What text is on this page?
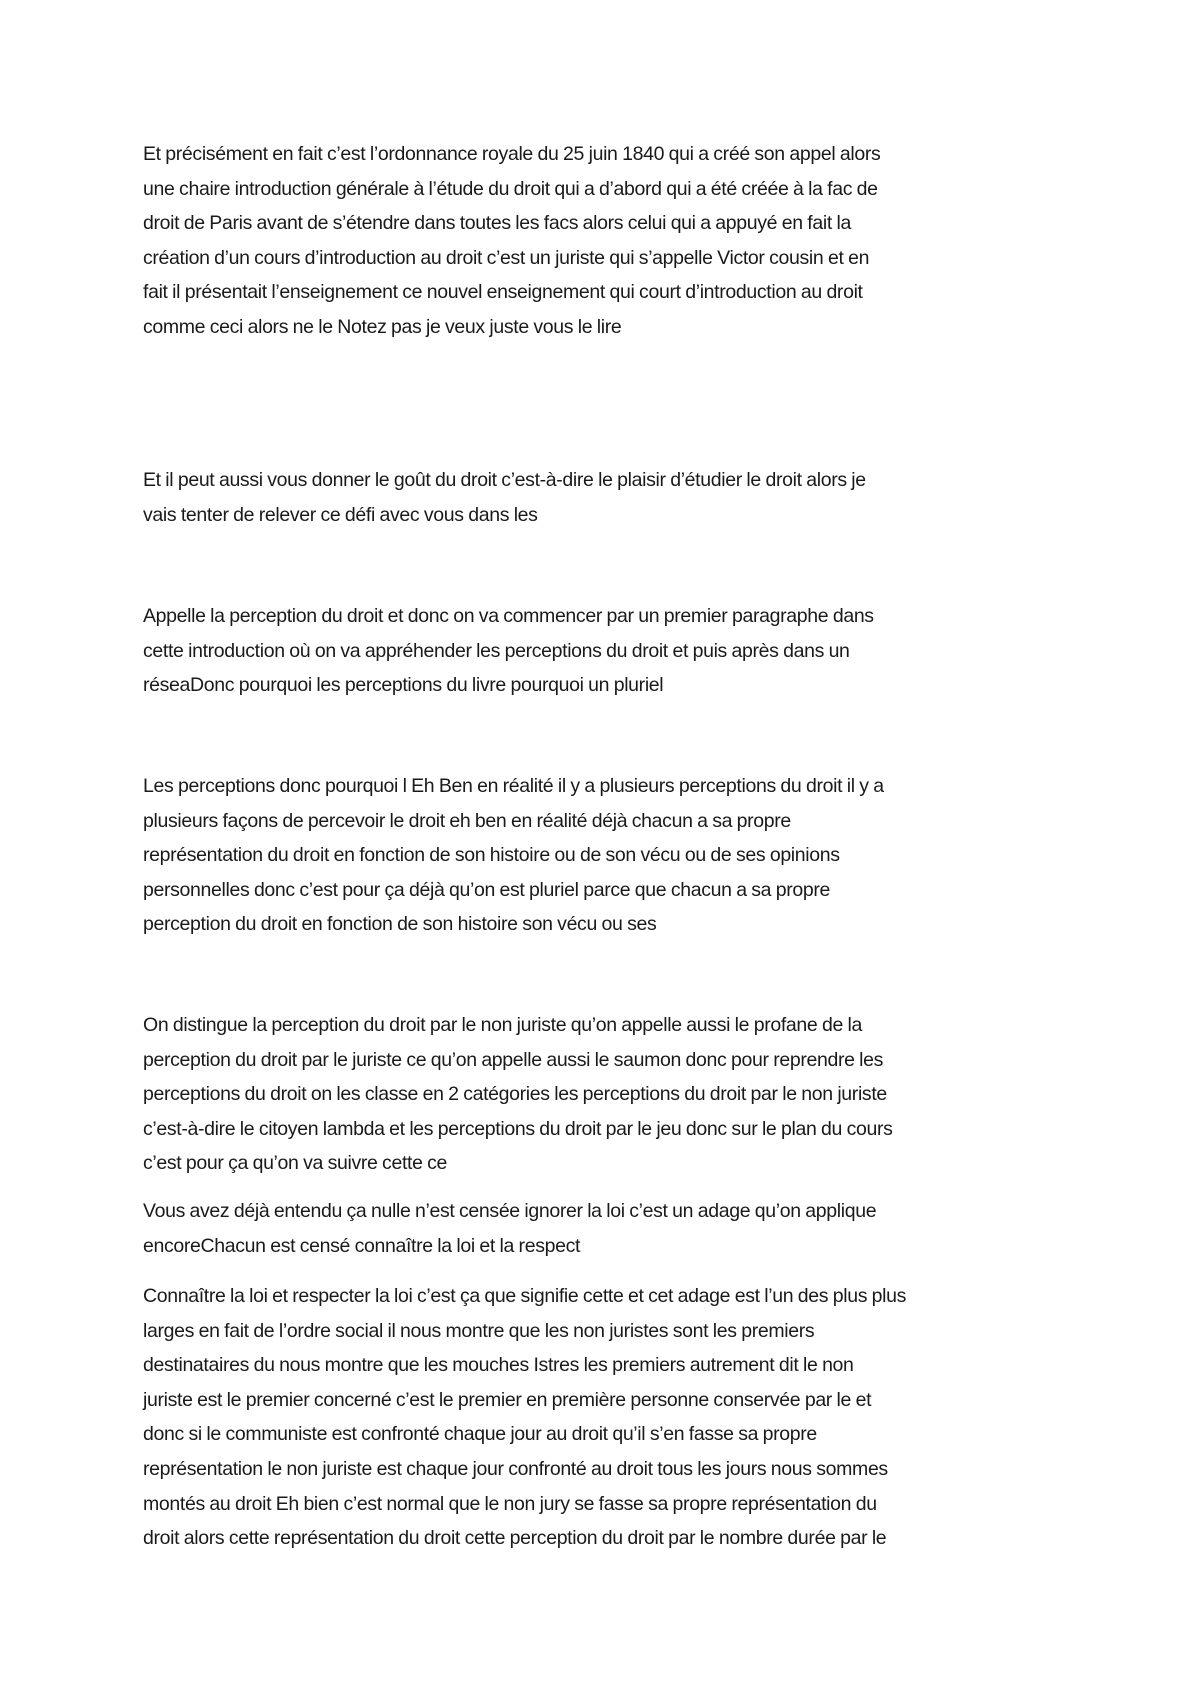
Et précisément en fait c’est l’ordonnance royale du 25 juin 1840 qui a créé son appel alors
une chaire introduction générale à l’étude du droit qui a d’abord qui a été créée à la fac de
droit de Paris avant de s’étendre dans toutes les facs alors celui qui a appuyé en fait la
création d’un cours d’introduction au droit c’est un juriste qui s’appelle Victor cousin et en
fait il présentait l’enseignement ce nouvel enseignement qui court d’introduction au droit
comme ceci alors ne le Notez pas je veux juste vous le lire

Et il peut aussi vous donner le goût du droit c’est-à-dire le plaisir d’étudier le droit alors je
vais tenter de relever ce défi avec vous dans les

Appelle la perception du droit et donc on va commencer par un premier paragraphe dans
cette introduction où on va appréhender les perceptions du droit et puis après dans un
réseaDonc pourquoi les perceptions du livre pourquoi un pluriel

Les perceptions donc pourquoi l Eh Ben en réalité il y a plusieurs perceptions du droit il y a
plusieurs façons de percevoir le droit eh ben en réalité déjà chacun a sa propre
représentation du droit en fonction de son histoire ou de son vécu ou de ses opinions
personnelles donc c’est pour ça déjà qu’on est pluriel parce que chacun a sa propre
perception du droit en fonction de son histoire son vécu ou ses

On distingue la perception du droit par le non juriste qu’on appelle aussi le profane de la
perception du droit par le juriste ce qu’on appelle aussi le saumon donc pour reprendre les
perceptions du droit on les classe en 2 catégories les perceptions du droit par le non juriste
c’est-à-dire le citoyen lambda et les perceptions du droit par le jeu donc sur le plan du cours
c’est pour ça qu’on va suivre cette ce

Vous avez déjà entendu ça nulle n’est censée ignorer la loi c’est un adage qu’on applique
encoreChacun est censé connaître la loi et la respect

Connaître la loi et respecter la loi c’est ça que signifie cette et cet adage est l’un des plus plus
larges en fait de l’ordre social il nous montre que les non juristes sont les premiers
destinataires du nous montre que les mouches Istres les premiers autrement dit le non
juriste est le premier concerné c’est le premier en première personne conservée par le et
donc si le communiste est confronté chaque jour au droit qu’il s’en fasse sa propre
représentation le non juriste est chaque jour confronté au droit tous les jours nous sommes
montés au droit Eh bien c’est normal que le non jury se fasse sa propre représentation du
droit alors cette représentation du droit cette perception du droit par le nombre durée par le
